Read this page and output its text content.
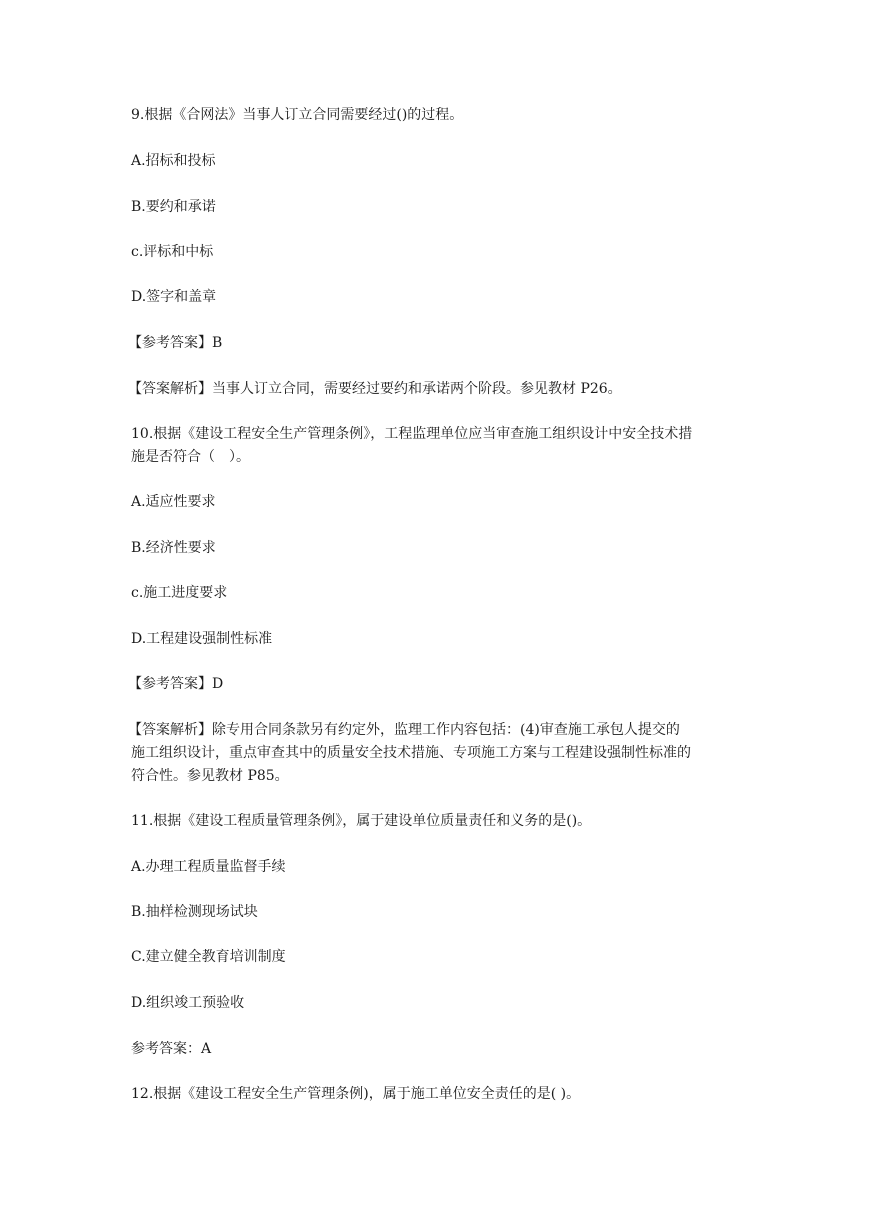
9.根据《合网法》当事人订立合同需要经过()的过程。

A.招标和投标

B.要约和承诺

c.评标和中标

D.签字和盖章

【参考答案】B

【答案解析】当事人订立合同，需要经过要约和承诺两个阶段。参见教材 P26。

10.根据《建设工程安全生产管理条例》，工程监理单位应当审查施工组织设计中安全技术措

施是否符合（　）。

A.适应性要求

B.经济性要求

c.施工进度要求

D.工程建设强制性标准

【参考答案】D

【答案解析】除专用合同条款另有约定外，监理工作内容包括：(4)审查施工承包人提交的

施工组织设计，重点审查其中的质量安全技术措施、专项施工方案与工程建设强制性标准的

符合性。参见教材 P85。

11.根据《建设工程质量管理条例》，属于建设单位质量责任和义务的是()。

A.办理工程质量监督手续

B.抽样检测现场试块

C.建立健全教育培训制度

D.组织竣工预验收

参考答案：A

12.根据《建设工程安全生产管理条例)，属于施工单位安全责任的是( )。
